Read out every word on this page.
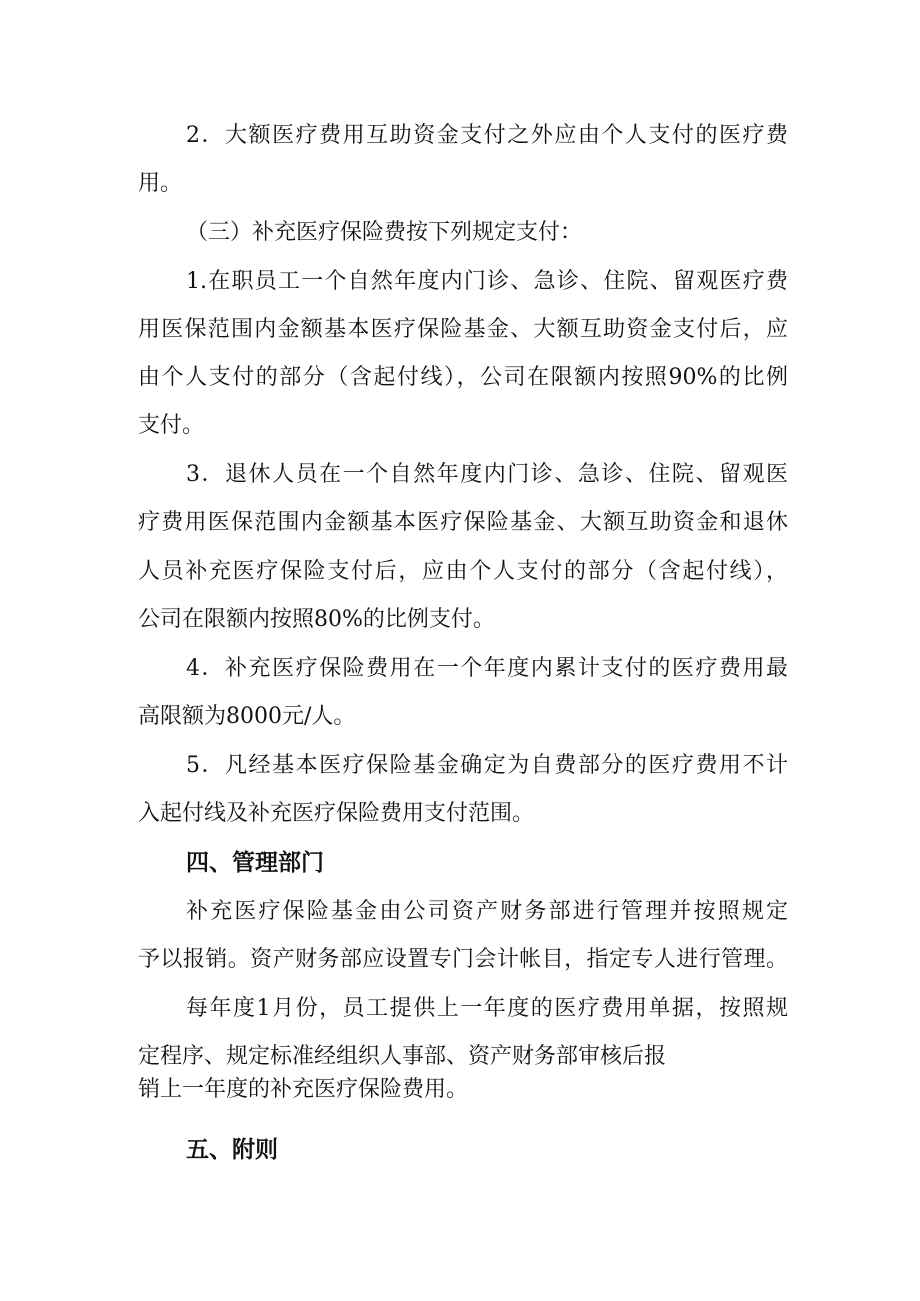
2．大额医疗费用互助资金支付之外应由个人支付的医疗费
用。
（三）补充医疗保险费按下列规定支付：
1.在职员工一个自然年度内门诊、急诊、住院、留观医疗费
用医保范围内金额基本医疗保险基金、大额互助资金支付后，应
由个人支付的部分（含起付线），公司在限额内按照90%的比例
支付。
3．退休人员在一个自然年度内门诊、急诊、住院、留观医
疗费用医保范围内金额基本医疗保险基金、大额互助资金和退休
人员补充医疗保险支付后，应由个人支付的部分（含起付线），
公司在限额内按照80%的比例支付。
4．补充医疗保险费用在一个年度内累计支付的医疗费用最
高限额为8000元/人。
5．凡经基本医疗保险基金确定为自费部分的医疗费用不计
入起付线及补充医疗保险费用支付范围。
四、管理部门
补充医疗保险基金由公司资产财务部进行管理并按照规定
予以报销。资产财务部应设置专门会计帐目，指定专人进行管理。
每年度1月份，员工提供上一年度的医疗费用单据，按照规
定程序、规定标准经组织人事部、资产财务部审核后报
销上一年度的补充医疗保险费用。
五、附则
